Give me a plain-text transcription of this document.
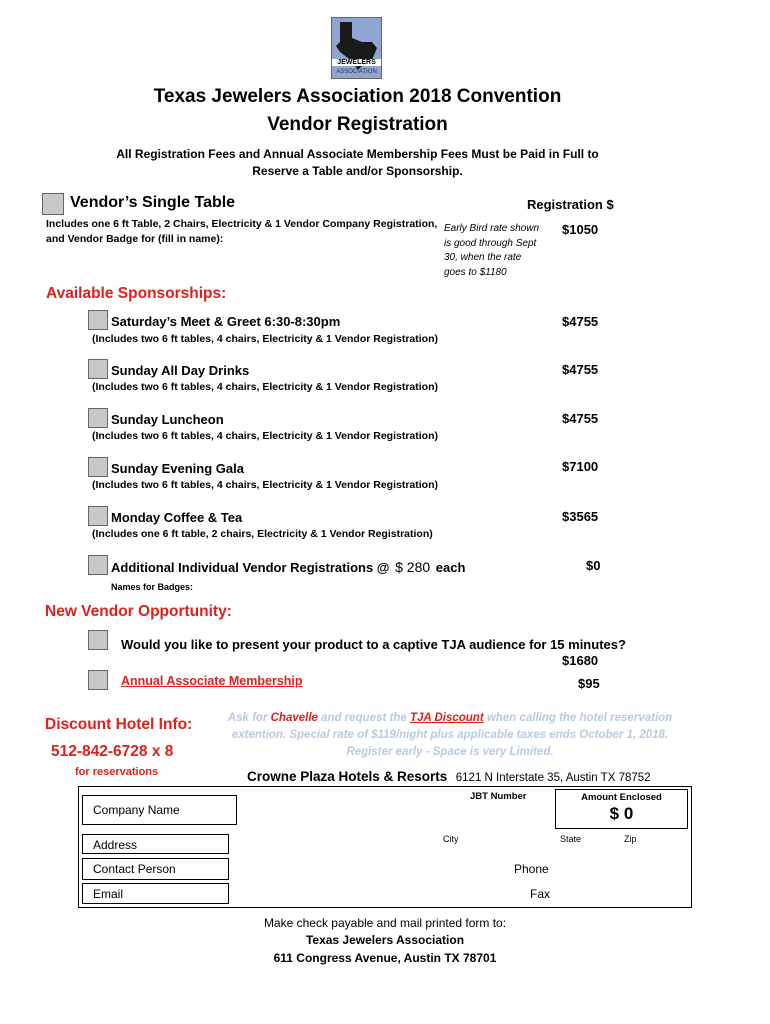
JEWELERS
ASSOCIATION
Texas Jewelers Association 2018 Convention
Vendor Registration
All Registration Fees and Annual Associate Membership Fees Must be Paid in Full to
Reserve a Table and/or Sponsorship.
Vendor’s Single Table	Registration $
Includes one 6 ft Table, 2 Chairs, Electricity & 1 Vendor Company Registration,
and Vendor Badge for (fill in name):
Early Bird rate shown
is good through Sept
30, when the rate
goes to $1180
$1050
Available Sponsorships:
Saturday’s Meet & Greet 6:30-8:30pm	$4755
(Includes two 6 ft tables, 4 chairs, Electricity & 1 Vendor Registration)
Sunday All Day Drinks	$4755
(Includes two 6 ft tables, 4 chairs, Electricity & 1 Vendor Registration)
Sunday Luncheon	$4755
(Includes two 6 ft tables, 4 chairs, Electricity & 1 Vendor Registration)
Sunday Evening Gala	$7100
(Includes two 6 ft tables, 4 chairs, Electricity & 1 Vendor Registration)
Monday Coffee & Tea	$3565
(Includes one 6 ft table, 2 chairs, Electricity & 1 Vendor Registration)
Additional Individual Vendor Registrations @ $ 280 each	$0
Names for Badges:
New Vendor Opportunity:
Would you like to present your product to a captive TJA audience for 15 minutes?
$1680
Annual Associate Membership	$95
Discount Hotel Info:
512-842-6728 x 8
for reservations
Ask for Chavelle and request the TJA Discount when calling the hotel reservation
extention. Special rate of $119/night plus applicable taxes ends October 1, 2018.
Register early - Space is very Limited.
Crowne Plaza Hotels & Resorts 6121 N Interstate 35, Austin TX 78752
Company Name
JBT Number	Amount Enclosed
$ 0
Address	City	State	Zip
Contact Person	Phone
Email	Fax
Make check payable and mail printed form to:
Texas Jewelers Association
611 Congress Avenue, Austin TX 78701
